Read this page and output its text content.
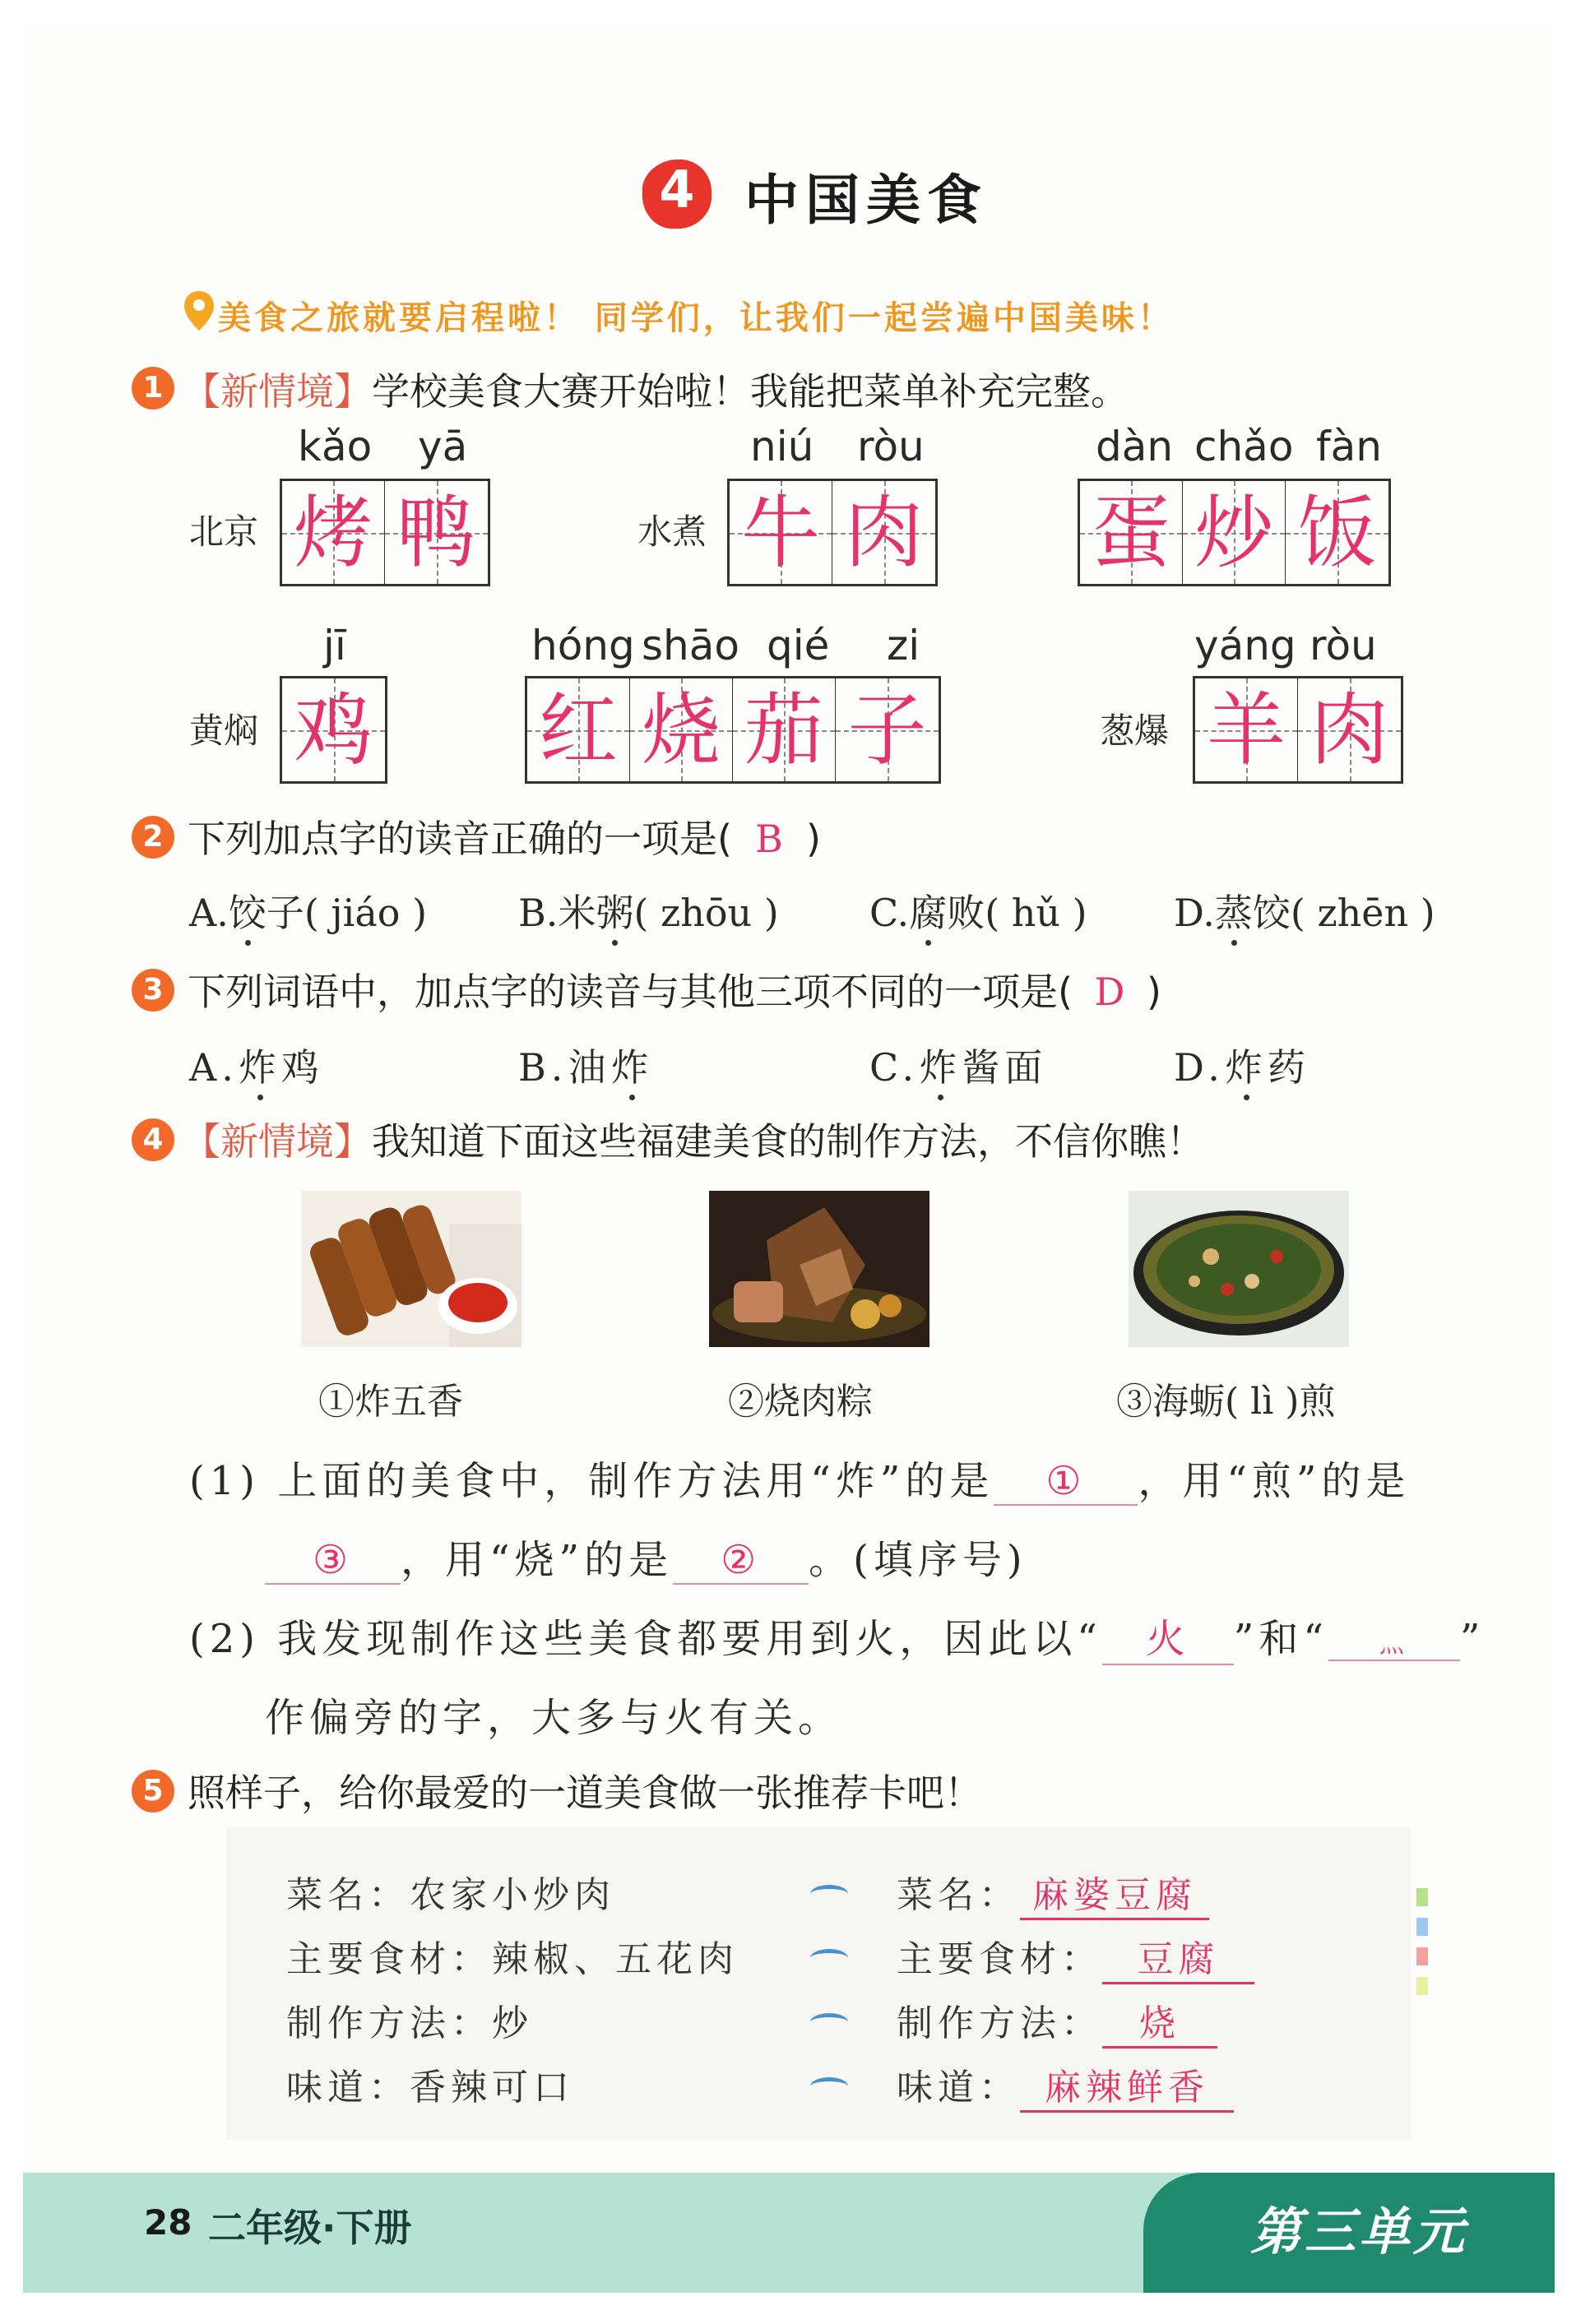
4 中国美食
美食之旅就要启程啦！ 同学们，让我们一起尝遍中国美味！
1 【新情境】学校美食大赛开始啦！我能把菜单补充完整。
kǎo yā
北京 烤 鸭
niú ròu
水煮 牛 肉
dàn chǎo fàn
蛋 炒 饭
jī
黄焖 鸡
hóng shāo qié zi
红 烧 茄 子
yáng ròu
葱爆 羊 肉
2 下列加点字的读音正确的一项是( B )
A.饺子( jiáo ) B.米粥( zhōu ) C.腐败( hǔ ) D.蒸饺( zhēn )
3 下列词语中，加点字的读音与其他三项不同的一项是( D )
A.炸鸡	B.油炸	C.炸酱面	D.炸药
4 【新情境】我知道下面这些福建美食的制作方法，不信你瞧！
①炸五香	②烧肉粽	③海蛎( lì )煎
(1) 上面的美食中，制作方法用“炸”的是 ① ，用“煎”的是
③ ，用“烧”的是 ② 。(填序号)
(2) 我发现制作这些美食都要用到火，因此以“ 火 ”和“ 灬 ”
作偏旁的字，大多与火有关。
5 照样子，给你最爱的一道美食做一张推荐卡吧！
菜名：农家小炒肉
主要食材：辣椒、五花肉
制作方法：炒
味道：香辣可口
菜名： 麻婆豆腐
主要食材： 豆腐
制作方法： 烧
味道： 麻辣鲜香
28 二年级·下册	第三单元
